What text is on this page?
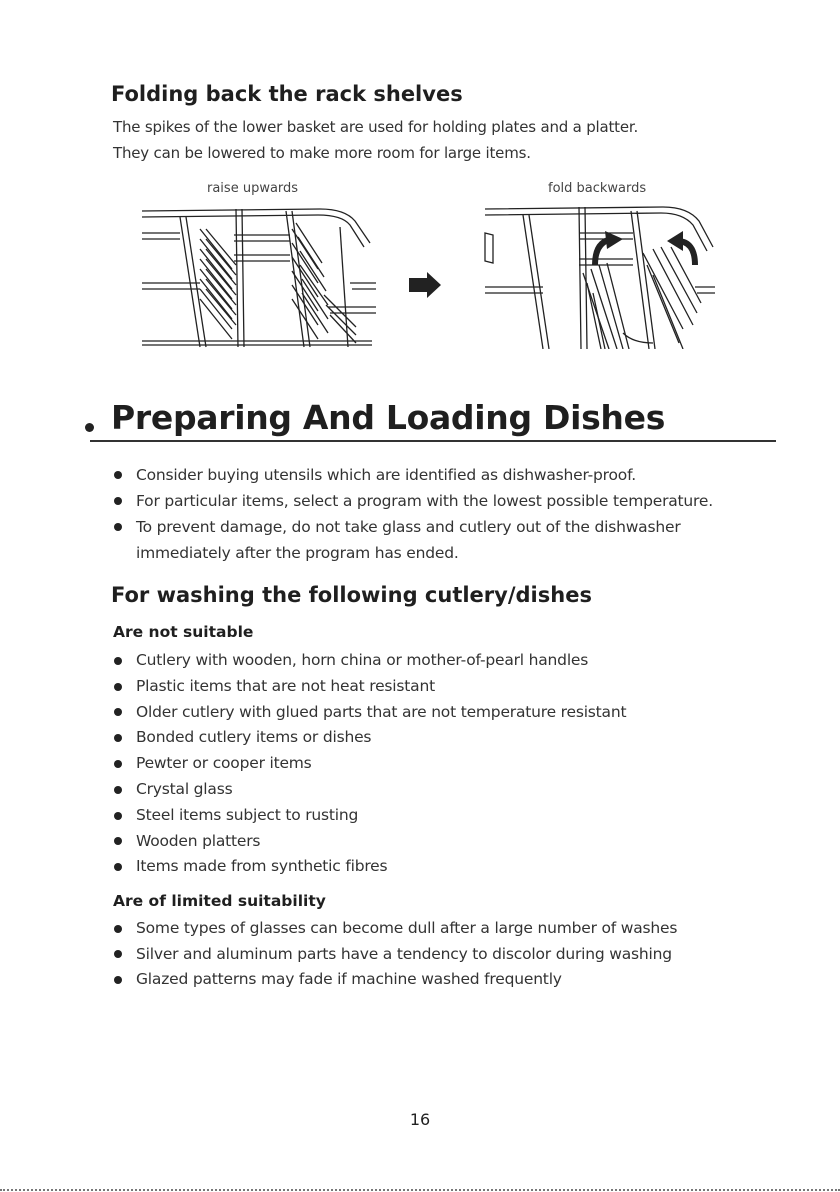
Folding back the rack shelves
The spikes of the lower basket are used for holding plates and a platter.
They can be lowered to make more room for large items.
raise upwards	fold backwards
Preparing And Loading Dishes
Consider buying utensils which are identified as dishwasher-proof.
For particular items, select a program with the lowest possible temperature.
To prevent damage, do not take glass and cutlery out of the dishwasher
immediately after the program has ended.
For washing the following cutlery/dishes
Are not suitable
Cutlery with wooden, horn china or mother-of-pearl handles
Plastic items that are not heat resistant
Older cutlery with glued parts that are not temperature resistant
Bonded cutlery items or dishes
Pewter or cooper items
Crystal glass
Steel items subject to rusting
Wooden platters
Items made from synthetic fibres
Are of limited suitability
Some types of glasses can become dull after a large number of washes
Silver and aluminum parts have a tendency to discolor during washing
Glazed patterns may fade if machine washed frequently
16
